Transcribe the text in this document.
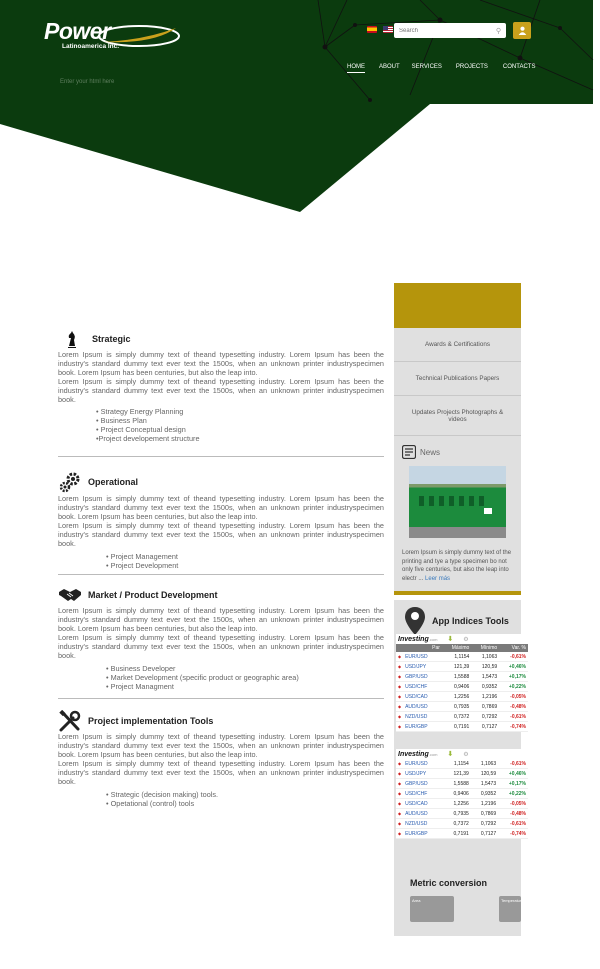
Power
Latinoamerica Inc.
Search
⚲
HOME ABOUT SERVICES PROJECTS	CONTACTS
Enter your html here
Strategic

Lorem Ipsum is simply dummy text of theand typesetting industry. Lorem Ipsum has been the industry's standard dummy text ever text the 1500s, when an unknown printer industryspecimen book. Lorem Ipsum has been centuries, but also the leap into.

Lorem Ipsum is simply dummy text of theand typesetting industry. Lorem Ipsum has been the industry's standard dummy text ever text the 1500s, when an unknown printer industryspecimen book.

• Strategy Energy Planning
• Business Plan
• Project Conceptual design
•Project developement structure
Operational

Lorem Ipsum is simply dummy text of theand typesetting industry. Lorem Ipsum has been the industry's standard dummy text ever text the 1500s, when an unknown printer industryspecimen book. Lorem Ipsum has been centuries, but also the leap into.

Lorem Ipsum is simply dummy text of theand typesetting industry. Lorem Ipsum has been the industry's standard dummy text ever text the 1500s, when an unknown printer industryspecimen book.

• Project Management
• Project Development
Market / Product Development

Lorem Ipsum is simply dummy text of theand typesetting industry. Lorem Ipsum has been the industry's standard dummy text ever text the 1500s, when an unknown printer industryspecimen book. Lorem Ipsum has been centuries, but also the leap into.

Lorem Ipsum is simply dummy text of theand typesetting industry. Lorem Ipsum has been the industry's standard dummy text ever text the 1500s, when an unknown printer industryspecimen book.

• Business Developer
• Market Development (specific product or geographic area)
• Project Managment
Project implementation Tools

Lorem Ipsum is simply dummy text of theand typesetting industry. Lorem Ipsum has been the industry's standard dummy text ever text the 1500s, when an unknown printer industryspecimen book. Lorem Ipsum has been centuries, but also the leap into.

Lorem Ipsum is simply dummy text of theand typesetting industry. Lorem Ipsum has been the industry's standard dummy text ever text the 1500s, when an unknown printer industryspecimen book.

• Strategic (decision making) tools.
• Opetational (control) tools
Awards & Certifications
Technical Publications Papers
Updates Projects Photographs & videos
News

Lorem Ipsum is simply dummy text of the printing and tye a type specimen bo not only five centuries, but also the leap into electr ... Leer más

App Indices Tools
Investing.com ⬇ ⚙
Par	Máximo	Mínimo	Var. %
◆ EUR/USD	1,1154	1,1063	-0,61%
◆ USD/JPY	121,39	120,59	+0,46%
◆ GBP/USD	1,5588	1,5473	+0,17%
◆ USD/CHF	0,9406	0,9352	+0,22%
◆ USD/CAD	1,2256	1,2196	-0,05%
◆ AUD/USD	0,7935	0,7869	-0,48%
◆ NZD/USD	0,7372	0,7292	-0,61%
◆ EUR/GBP	0,7191	0,7127	-0,74%
Investing.com ⬇ ⚙
◆ EUR/USD	1,1154	1,1063	-0,61%
◆ USD/JPY	121,39	120,59	+0,46%
◆ GBP/USD	1,5588	1,5473	+0,17%
◆ USD/CHF	0,9406	0,9352	+0,22%
◆ USD/CAD	1,2256	1,2196	-0,05%
◆ AUD/USD	0,7935	0,7869	-0,48%
◆ NZD/USD	0,7372	0,7292	-0,61%
◆ EUR/GBP	0,7191	0,7127	-0,74%
Metric conversion
Area	Temperature
